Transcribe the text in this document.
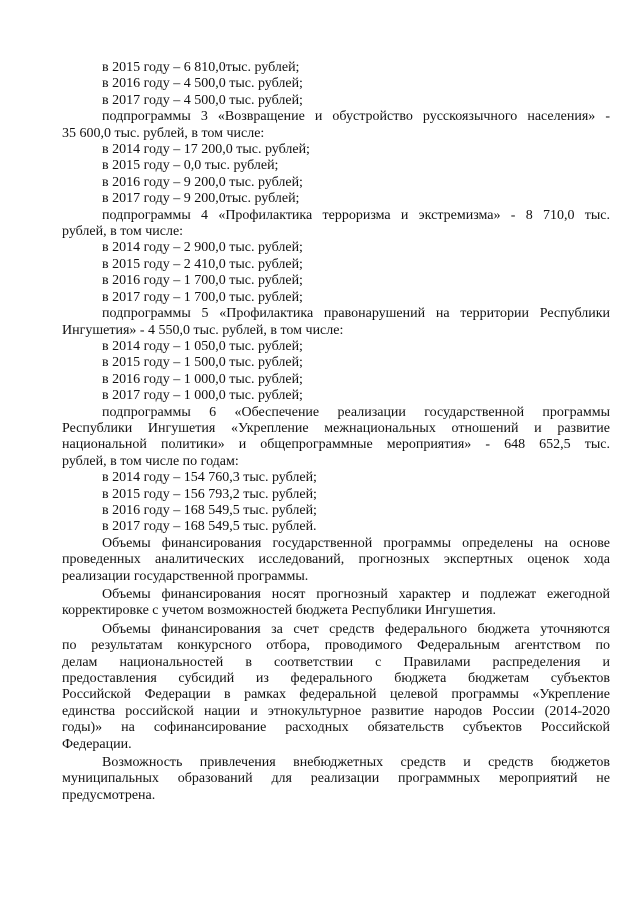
в 2015 году – 6 810,0тыс. рублей;

в 2016 году – 4 500,0 тыс. рублей;

в 2017 году – 4 500,0 тыс. рублей;

подпрограммы 3 «Возвращение и обустройство русскоязычного населения» -

35 600,0 тыс. рублей, в том числе:

в 2014 году – 17 200,0 тыс. рублей;

в 2015 году – 0,0 тыс. рублей;

в 2016 году – 9 200,0 тыс. рублей;

в 2017 году – 9 200,0тыс. рублей;

подпрограммы 4 «Профилактика терроризма и экстремизма» - 8 710,0 тыс.

рублей, в том числе:

в 2014 году – 2 900,0 тыс. рублей;

в 2015 году – 2 410,0 тыс. рублей;

в 2016 году – 1 700,0 тыс. рублей;

в 2017 году – 1 700,0 тыс. рублей;

подпрограммы 5 «Профилактика правонарушений на территории Республики

Ингушетия» - 4 550,0 тыс. рублей, в том числе:

в 2014 году – 1 050,0 тыс. рублей;

в 2015 году – 1 500,0 тыс. рублей;

в 2016 году – 1 000,0 тыс. рублей;

в 2017 году – 1 000,0 тыс. рублей;

подпрограммы 6 «Обеспечение реализации государственной программы

Республики Ингушетия «Укрепление межнациональных отношений и развитие

национальной политики» и общепрограммные мероприятия» - 648 652,5 тыс.

рублей, в том числе по годам:

в 2014 году – 154 760,3 тыс. рублей;

в 2015 году – 156 793,2 тыс. рублей;

в 2016 году – 168 549,5 тыс. рублей;

в 2017 году – 168 549,5 тыс. рублей.

Объемы финансирования государственной программы определены на основе

проведенных аналитических исследований, прогнозных экспертных оценок хода

реализации государственной программы.

Объемы финансирования носят прогнозный характер и подлежат ежегодной

корректировке с учетом возможностей бюджета Республики Ингушетия.

Объемы финансирования за счет средств федерального бюджета уточняются

по результатам конкурсного отбора, проводимого Федеральным агентством по

делам национальностей в соответствии с Правилами распределения и

предоставления субсидий из федерального бюджета бюджетам субъектов

Российской Федерации в рамках федеральной целевой программы «Укрепление

единства российской нации и этнокультурное развитие народов России (2014-2020

годы)» на софинансирование расходных обязательств субъектов Российской

Федерации.

Возможность привлечения внебюджетных средств и средств бюджетов

муниципальных образований для реализации программных мероприятий не

предусмотрена.
